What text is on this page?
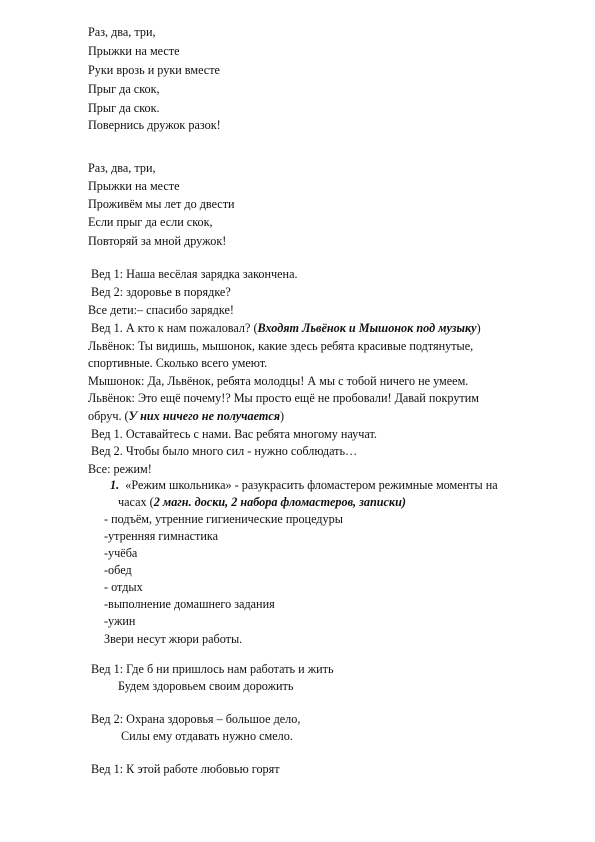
Раз, два, три,
Прыжки на месте
Руки врозь и руки вместе
Прыг да скок,
Прыг да скок.
Повернись дружок разок!
Раз, два, три,
Прыжки на месте
Проживём мы лет до двести
Если прыг да если скок,
Повторяй за мной дружок!
Вед 1: Наша весёлая зарядка закончена.
Вед 2: здоровье в порядке?
Все дети:– спасибо зарядке!
Вед 1. А кто к нам пожаловал? (Входят Львёнок и Мышонок под музыку)
Львёнок: Ты видишь, мышонок, какие здесь ребята красивые подтянутые,
спортивные. Сколько всего умеют.
Мышонок: Да, Львёнок, ребята молодцы! А мы с тобой ничего не умеем.
Львёнок: Это ещё почему!? Мы просто ещё не пробовали! Давай покрутим
обруч. (У них ничего не получается)
Вед 1. Оставайтесь с нами. Вас ребята многому научат.
Вед 2. Чтобы было много сил - нужно соблюдать…
Все: режим!
1. «Режим школьника» - разукрасить фломастером режимные моменты на
часах (2 магн. доски, 2 набора фломастеров, записки)
- подъём, утренние гигиенические процедуры
-утренняя гимнастика
-учёба
-обед
- отдых
-выполнение домашнего задания
-ужин
Звери несут жюри работы.
Вед 1: Где б ни пришлось нам работать и жить
Будем здоровьем своим дорожить
Вед 2: Охрана здоровья – большое дело,
Силы ему отдавать нужно смело.
Вед 1: К этой работе любовью горят
